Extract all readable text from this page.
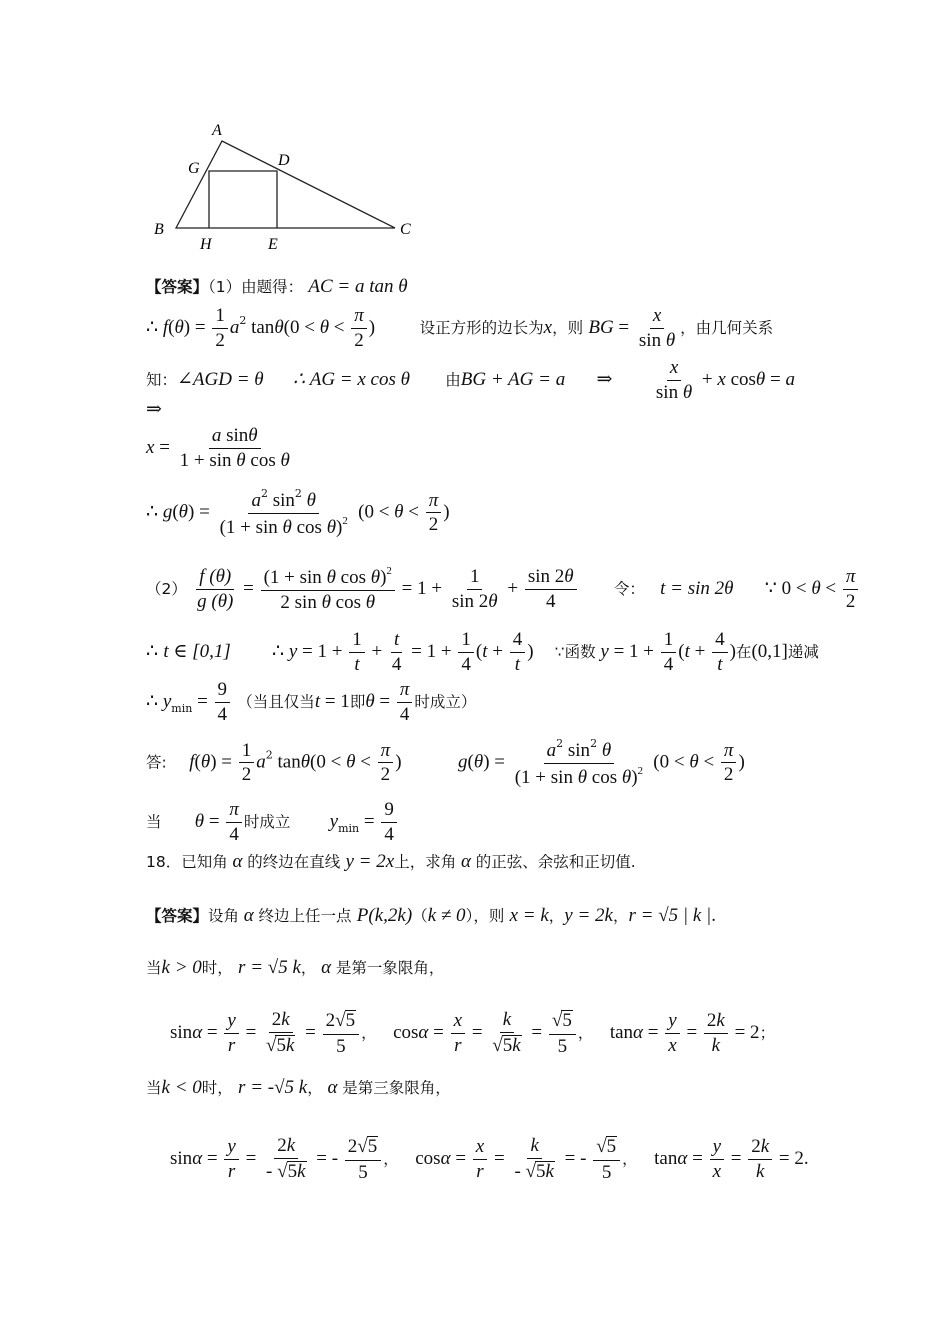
A
G	D
B
H	E
C
【答案】（1）由题得： AC = a tan θ
∴ $f(\theta) = \frac{1}{2} a^2$ $\tan\theta(0 < \theta < \frac{\pi}{2}$ )	设正方形的边长为x，则 BG = $\frac{x}{\text{sin θ}}$ ，由几何关系
知：∠AGD = θ ∴ AG = x cos θ 由BG + AG = a ⇒ $\frac{x}{\text{sin θ}} + x$ cosθ = a
⇒
$x = \frac{\text{a sinθ}}{\text{1 + sin θ cos θ}}$
∴ $g(\theta) = \frac{a^2 \sin^2 \theta}{(1 + \sin \theta \cos \theta)^2} (0 < \theta < \frac{\pi}{2}$ )
$(2) \frac{f (\theta)}{g (\theta)} = \frac{(1 + \sin \theta \cos \theta)^2}{\text{2 sin θ cos θ}} = 1 + \frac{1}{\sin 2\theta} + \frac{\sin 2\theta}{4}$ 令： t = sin 2θ ∵ $0 < \theta < \frac{\pi}{2}$
∴ t ∈ [0,1] ∴ $y = 1 + \frac{1}{t} + \frac{t}{4} = 1 + \frac{1}{4} (t + \frac{4}{t}$ ) ∵函数 $y = 1 + \frac{1}{4} (t + \frac{4}{t}$ )在(0,1]递减
∴ $y_{min} = \frac{9}{4}$ （当且仅当t = 1即$\theta = \frac{\pi}{4}$ 时成立）
答: $f(\theta) = \frac{1}{2} a^2$ $\tan\theta(0 < \theta < \frac{\pi}{2}$ )	$g(\theta) = \frac{a^2 \sin^2 \theta}{(1 + \sin \theta \cos \theta)^2} (0 < \theta < \frac{\pi}{2}$ )
当 $\theta = \frac{\pi}{4}$ 时成立 $y_{min} = \frac{9}{4}$
18．已知角 α 的终边在直线 y = 2x上，求角 α 的正弦、余弦和正切值.
【答案】设角 α 终边上任一点 P(k,2k)（k ≠ 0），则 x = k，y = 2k，r = √5 | k |.
当k > 0时， r = √5 k， α 是第一象限角，
$\sin\alpha = \frac{y}{r} = \frac{2k}{√5k} = \frac{2√5}{5}$ ， $\cos\alpha = \frac{x}{r} = \frac{k}{√5k} = \frac{√5}{5}$ ， $\tan\alpha = \frac{y}{x} = \frac{2k}{k} = 2$；
当k < 0时， r = -√5 k， α 是第三象限角，
$\sin\alpha = \frac{y}{r} = \frac{2k}{- √5k}$ = - $\frac{2√5}{5}$ ， $\cos\alpha = \frac{x}{r} = \frac{k}{- √5k}$ = - $\frac{√5}{5}$ ， $\tan\alpha = \frac{y}{x} = \frac{2k}{k} = 2$.
